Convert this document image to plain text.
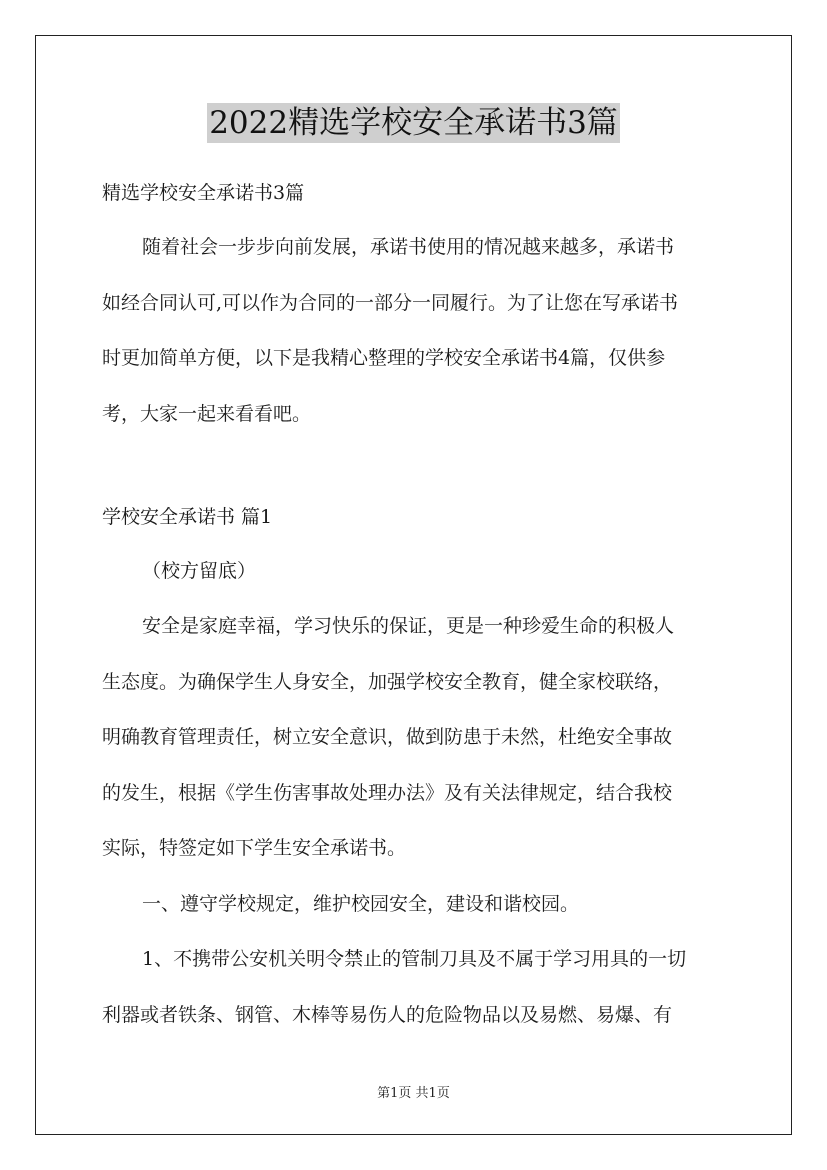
2022精选学校安全承诺书3篇
精选学校安全承诺书3篇
随着社会一步步向前发展，承诺书使用的情况越来越多，承诺书
如经合同认可,可以作为合同的一部分一同履行。为了让您在写承诺书
时更加简单方便，以下是我精心整理的学校安全承诺书4篇，仅供参
考，大家一起来看看吧。
学校安全承诺书 篇1
（校方留底）
安全是家庭幸福，学习快乐的保证，更是一种珍爱生命的积极人
生态度。为确保学生人身安全，加强学校安全教育，健全家校联络，
明确教育管理责任，树立安全意识，做到防患于未然，杜绝安全事故
的发生，根据《学生伤害事故处理办法》及有关法律规定，结合我校
实际，特签定如下学生安全承诺书。
一、遵守学校规定，维护校园安全，建设和谐校园。
1、不携带公安机关明令禁止的管制刀具及不属于学习用具的一切
利器或者铁条、钢管、木棒等易伤人的危险物品以及易燃、易爆、有
第1页 共1页
